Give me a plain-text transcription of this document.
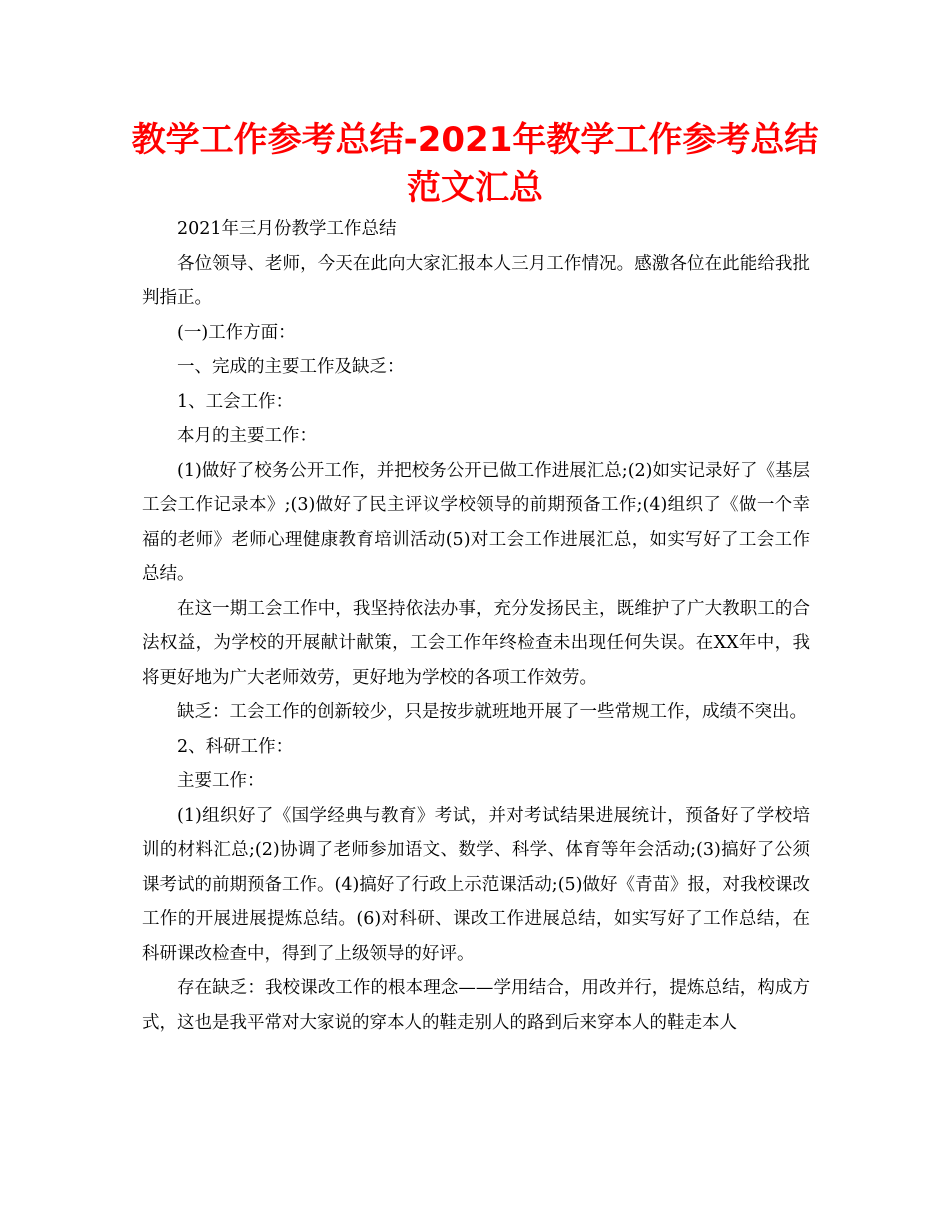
教学工作参考总结-2021年教学工作参考总结范文汇总

2021年三月份教学工作总结

各位领导、老师，今天在此向大家汇报本人三月工作情况。感激各位在此能给我批判指正。

(一)工作方面：

一、完成的主要工作及缺乏：

1、工会工作：

本月的主要工作：

(1)做好了校务公开工作，并把校务公开已做工作进展汇总;(2)如实记录好了《基层工会工作记录本》;(3)做好了民主评议学校领导的前期预备工作;(4)组织了《做一个幸福的老师》老师心理健康教育培训活动(5)对工会工作进展汇总，如实写好了工会工作总结。

在这一期工会工作中，我坚持依法办事，充分发扬民主，既维护了广大教职工的合法权益，为学校的开展献计献策，工会工作年终检查未出现任何失误。在XX年中，我将更好地为广大老师效劳，更好地为学校的各项工作效劳。

缺乏：工会工作的创新较少，只是按步就班地开展了一些常规工作，成绩不突出。

2、科研工作：

主要工作：

(1)组织好了《国学经典与教育》考试，并对考试结果进展统计，预备好了学校培训的材料汇总;(2)协调了老师参加语文、数学、科学、体育等年会活动;(3)搞好了公须课考试的前期预备工作。(4)搞好了行政上示范课活动;(5)做好《青苗》报，对我校课改工作的开展进展提炼总结。(6)对科研、课改工作进展总结，如实写好了工作总结，在科研课改检查中，得到了上级领导的好评。

存在缺乏：我校课改工作的根本理念——学用结合，用改并行，提炼总结，构成方式，这也是我平常对大家说的穿本人的鞋走别人的路到后来穿本人的鞋走本人
